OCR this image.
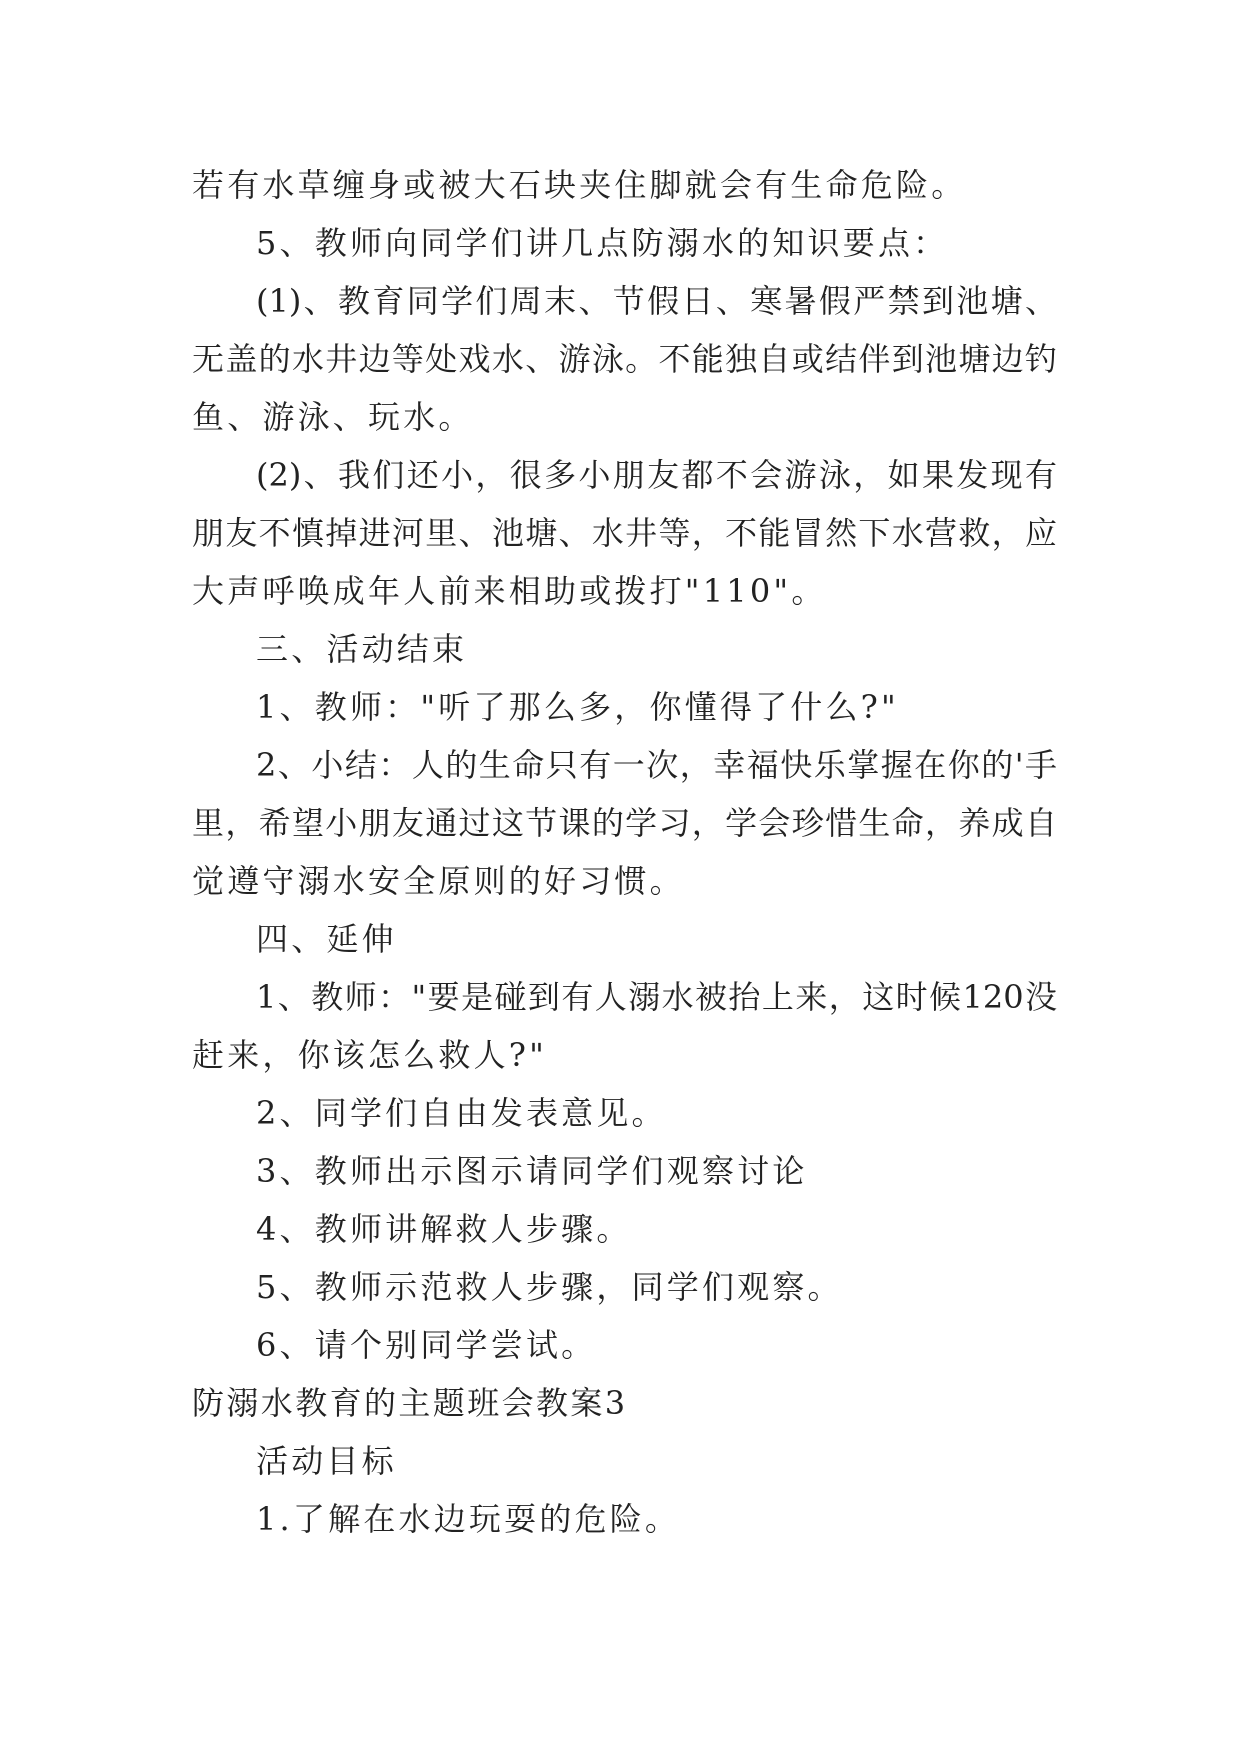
若有水草缠身或被大石块夹住脚就会有生命危险。
5、教师向同学们讲几点防溺水的知识要点：
(1)、教育同学们周末、节假日、寒暑假严禁到池塘、
无盖的水井边等处戏水、游泳。不能独自或结伴到池塘边钓
鱼、游泳、玩水。
(2)、我们还小，很多小朋友都不会游泳，如果发现有
朋友不慎掉进河里、池塘、水井等，不能冒然下水营救，应
大声呼唤成年人前来相助或拨打"110"。
三、活动结束
1、教师："听了那么多，你懂得了什么?"
2、小结：人的生命只有一次，幸福快乐掌握在你的'手
里，希望小朋友通过这节课的学习，学会珍惜生命，养成自
觉遵守溺水安全原则的好习惯。
四、延伸
1、教师："要是碰到有人溺水被抬上来，这时候120没
赶来，你该怎么救人?"
2、同学们自由发表意见。
3、教师出示图示请同学们观察讨论
4、教师讲解救人步骤。
5、教师示范救人步骤，同学们观察。
6、请个别同学尝试。
防溺水教育的主题班会教案3
活动目标
1.了解在水边玩耍的危险。
